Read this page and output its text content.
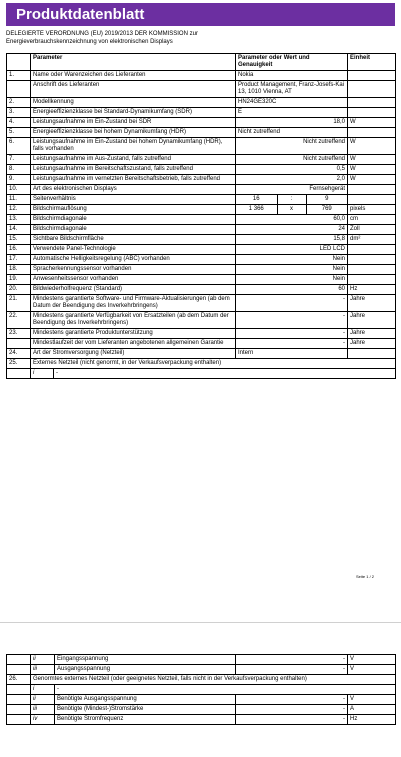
Produktdatenblatt
DELEGIERTE VERORDNUNG (EU) 2019/2013 DER KOMMISSION zur
Energieverbrauchskennzeichnung von elektronischen Displays
	Parameter	Parameter oder Wert und Genauigkeit	Einheit
1.	Name oder Warenzeichen des Lieferanten	Nokia	
	Anschrift des Lieferanten	Product Management, Franz-Josefs-Kai 13, 1010 Vienna, AT	
2.	Modellkennung	HN24GE320C	
3.	Energieeffizienzklasse bei Standard-Dynamikumfang (SDR)	E	
4.	Leistungsaufnahme im Ein-Zustand bei SDR	18,0	W
5.	Energieeffizienzklasse bei hohem Dynamikumfang (HDR)	Nicht zutreffend	
6.	Leistungsaufnahme im Ein-Zustand bei hohem Dynamikumfang (HDR), falls vorhanden	Nicht zutreffend	W
7.	Leistungsaufnahme im Aus-Zustand, falls zutreffend	Nicht zutreffend	W
8.	Leistungsaufnahme im Bereitschaftszustand, falls zutreffend	0,5	W
9.	Leistungsaufnahme im vernetzten Bereitschaftsbetrieb, falls zutreffend	2,0	W
10.	Art des elektronischen Displays	Fernsehgerät	
11.	Seitenverhältnis	16 : 9	

12.	Bildschirmauflösung	1 366 x 769	pixels
13.	Bildschirmdiagonale	60,0	cm
14.	Bildschirmdiagonale	24	Zoll
15.	Sichtbare Bildschirmfläche	15,8	dm²
16.	Verwendete Panel-Technologie	LED LCD	
17.	Automatische Helligkeitsregelung (ABC) vorhanden	Nein	
18.	Spracherkennungssensor vorhanden	Nein	
19.	Anwesenheitssensor vorhanden	Nein	
20.	Bildwiederholfrequenz (Standard)	60	Hz
21.	Mindestens garantierte Software- und Firmware-Aktualisierungen (ab dem Datum der Beendigung des Inverkehrbringens)	-	Jahre
22.	Mindestens garantierte Verfügbarkeit von Ersatzteilen (ab dem Datum der Beendigung des Inverkehrbringens)	-	Jahre
23.	Mindestens garantierte Produktunterstützung	-	Jahre
	Mindestlaufzeit der vom Lieferanten angebotenen allgemeinen Garantie	-	Jahre
24.	Art der Stromversorgung (Netzteil)	Intern	
25.	Externes Netzteil (nicht genormt, in der Verkaufsverpackung enthalten)		

	i -		
Seite 1 / 2
	ii	Eingangsspannung	-	V
	iii	Ausgangsspannung	-	V
26.	Genormtes externes Netzteil (oder geeignetes Netzteil, falls nicht in der Verkaufsverpackung enthalten)			
	i	-		
	ii	Benötigte Ausgangsspannung	-	V
	iii	Benötigte (Mindest-)Stromstärke	-	A
	iv	Benötigte Stromfrequenz	-	Hz
